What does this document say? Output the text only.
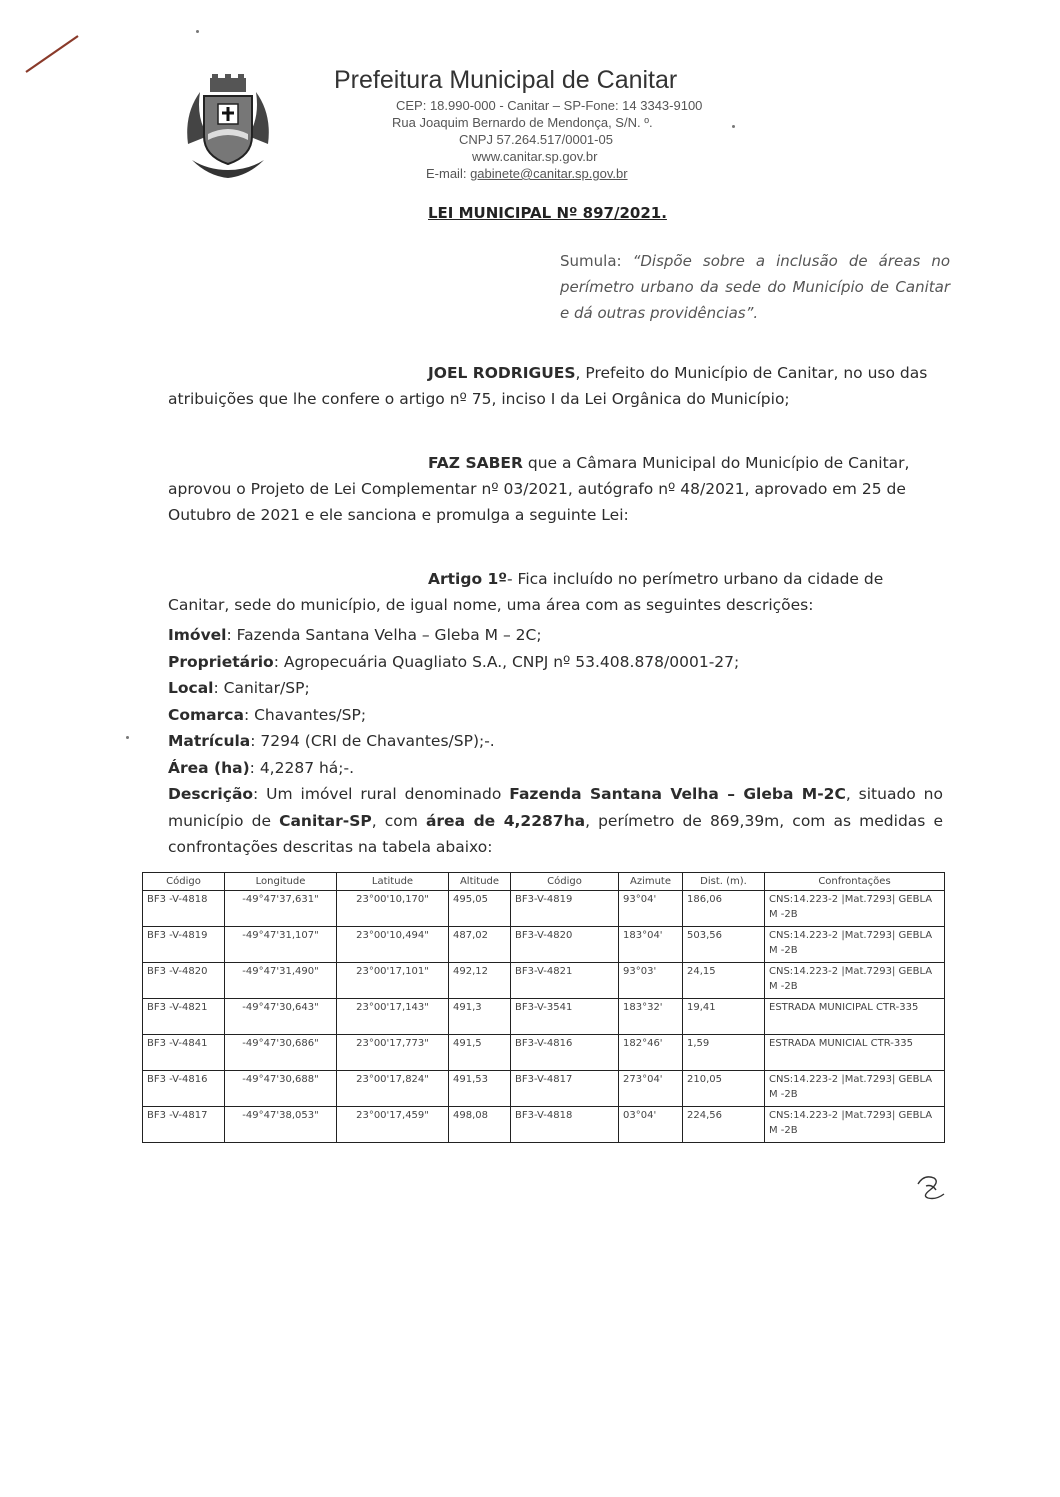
Prefeitura Municipal de Canitar
CEP: 18.990-000 - Canitar – SP-Fone: 14 3343-9100
Rua Joaquim Bernardo de Mendonça, S/N. º.
CNPJ 57.264.517/0001-05
www.canitar.sp.gov.br
E-mail: gabinete@canitar.sp.gov.br
LEI MUNICIPAL Nº 897/2021.
Sumula: “Dispõe sobre a inclusão de áreas no perímetro urbano da sede do Município de Canitar e dá outras providências”.
JOEL RODRIGUES, Prefeito do Município de Canitar, no uso das atribuições que lhe confere o artigo nº 75, inciso I da Lei Orgânica do Município;
FAZ SABER que a Câmara Municipal do Município de Canitar, aprovou o Projeto de Lei Complementar nº 03/2021, autógrafo nº 48/2021, aprovado em 25 de Outubro de 2021 e ele sanciona e promulga a seguinte Lei:
Artigo 1º- Fica incluído no perímetro urbano da cidade de Canitar, sede do município, de igual nome, uma área com as seguintes descrições:
Imóvel: Fazenda Santana Velha – Gleba M – 2C;
Proprietário: Agropecuária Quagliato S.A., CNPJ nº 53.408.878/0001-27;
Local: Canitar/SP;
Comarca: Chavantes/SP;
Matrícula: 7294 (CRI de Chavantes/SP);-.
Área (ha): 4,2287 há;-.
Descrição: Um imóvel rural denominado Fazenda Santana Velha – Gleba M-2C, situado no município de Canitar-SP, com área de 4,2287ha, perímetro de 869,39m, com as medidas e confrontações descritas na tabela abaixo:
Código	Longitude	Latitude	Altitude	Código	Azimute	Dist. (m).	Confrontações
BF3 -V-4818	-49°47'37,631"	23°00'10,170"	495,05	BF3-V-4819	93°04'	186,06	CNS:14.223-2 |Mat.7293| GEBLA M -2B
BF3 -V-4819	-49°47'31,107"	23°00'10,494"	487,02	BF3-V-4820	183°04'	503,56	CNS:14.223-2 |Mat.7293| GEBLA M -2B
BF3 -V-4820	-49°47'31,490"	23°00'17,101"	492,12	BF3-V-4821	93°03'	24,15	CNS:14.223-2 |Mat.7293| GEBLA M -2B
BF3 -V-4821	-49°47'30,643"	23°00'17,143"	491,3	BF3-V-3541	183°32'	19,41	ESTRADA MUNICIPAL CTR-335
BF3 -V-4841	-49°47'30,686"	23°00'17,773"	491,5	BF3-V-4816	182°46'	1,59	ESTRADA MUNICIAL CTR-335
BF3 -V-4816	-49°47'30,688"	23°00'17,824"	491,53	BF3-V-4817	273°04'	210,05	CNS:14.223-2 |Mat.7293| GEBLA M -2B
BF3 -V-4817	-49°47'38,053"	23°00'17,459"	498,08	BF3-V-4818	03°04'	224,56	CNS:14.223-2 |Mat.7293| GEBLA M -2B
